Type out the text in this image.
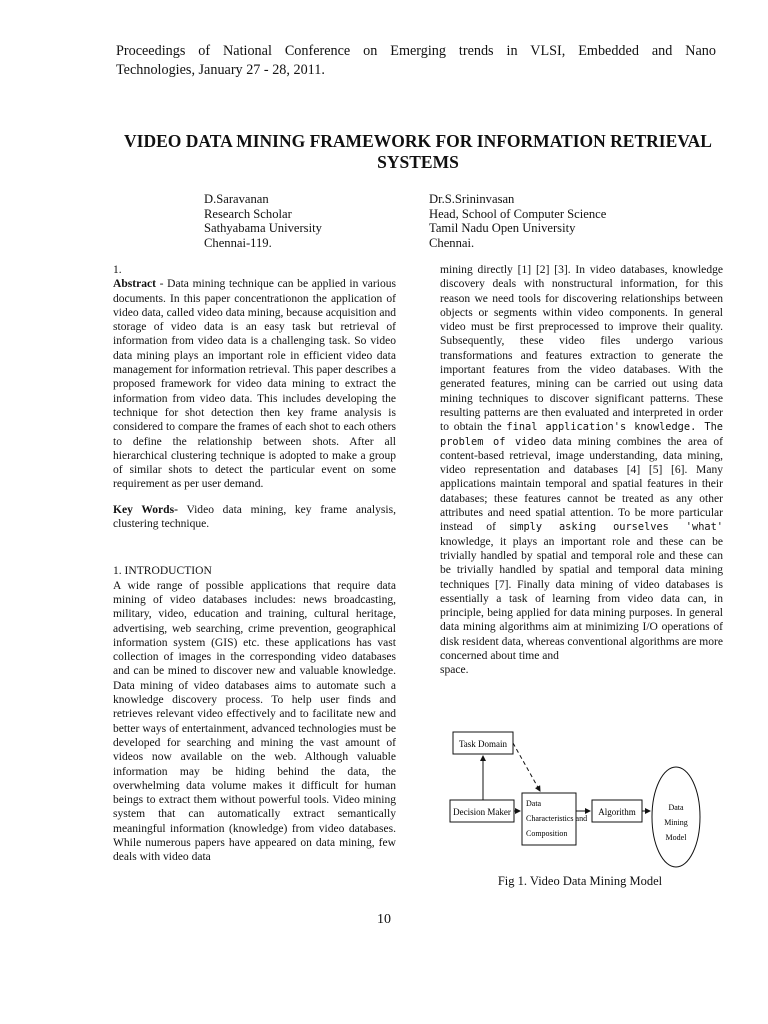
Proceedings of National Conference on Emerging trends in VLSI, Embedded and Nano
Technologies, January 27 - 28, 2011.
VIDEO DATA MINING FRAMEWORK FOR INFORMATION RETRIEVAL
SYSTEMS
D.Saravanan
Research Scholar
Sathyabama University
Chennai-119.
Dr.S.Srininvasan
Head, School of Computer Science
Tamil Nadu Open University
Chennai.

1.

Abstract - Data mining technique can be applied in various documents. In this paper concentrationon the application of video data, called video data mining, because acquisition and storage of video data is an easy task but retrieval of information from video data is a challenging task. So video data mining plays an important role in efficient video data management for information retrieval. This paper describes a proposed framework for video data mining to extract the information from video data. This includes developing the technique for shot detection then key frame analysis is considered to compare the frames of each shot to each others to define the relationship between shots. After all hierarchical clustering technique is adopted to make a group of similar shots to detect the particular event on some requirement as per user demand.

Key Words- Video data mining, key frame analysis, clustering technique.

1. INTRODUCTION

A wide range of possible applications that require data mining of video databases includes: news broadcasting, military, video, education and training, cultural heritage, advertising, web searching, crime prevention, geographical information system (GIS) etc. these applications has vast collection of images in the corresponding video databases and can be mined to discover new and valuable knowledge. Data mining of video databases aims to automate such a knowledge discovery process. To help user finds and retrieves relevant video effectively and to facilitate new and better ways of entertainment, advanced technologies must be developed for searching and mining the vast amount of videos now available on the web. Although valuable information may be hiding behind the data, the overwhelming data volume makes it difficult for human beings to extract them without powerful tools. Video mining system that can automatically extract semantically meaningful information (knowledge) from video databases. While numerous papers have appeared on data mining, few deals with video data

mining directly [1] [2] [3]. In video databases, knowledge discovery deals with nonstructural information, for this reason we need tools for discovering relationships between objects or segments within video components. In general video must be first preprocessed to improve their quality. Subsequently, these video files undergo various transformations and features extraction to generate the important features from the video databases. With the generated features, mining can be carried out using data mining techniques to discover significant patterns. These resulting patterns are then evaluated and interpreted in order to obtain the final application's knowledge. The problem of video data mining combines the area of content-based retrieval, image understanding, data mining, video representation and databases [4] [5] [6]. Many applications maintain temporal and spatial features in their databases; these features cannot be treated as any other attributes and need spatial attention. To be more particular instead of simply asking ourselves 'what' knowledge, it plays an important role and these can be trivially handled by spatial and temporal role and these can be trivially handled by spatial and temporal data mining techniques [7]. Finally data mining of video databases is essentially a task of learning from video data can, in principle, being applied for data mining purposes. In general data mining algorithms aim at minimizing I/O operations of disk resident data, whereas conventional algorithms are more concerned about time and

space.

Task Domain
Decision Maker
Data
Characteristics and
Composition
Algorithm	Data
Mining
Model
Fig 1. Video Data Mining Model
10
